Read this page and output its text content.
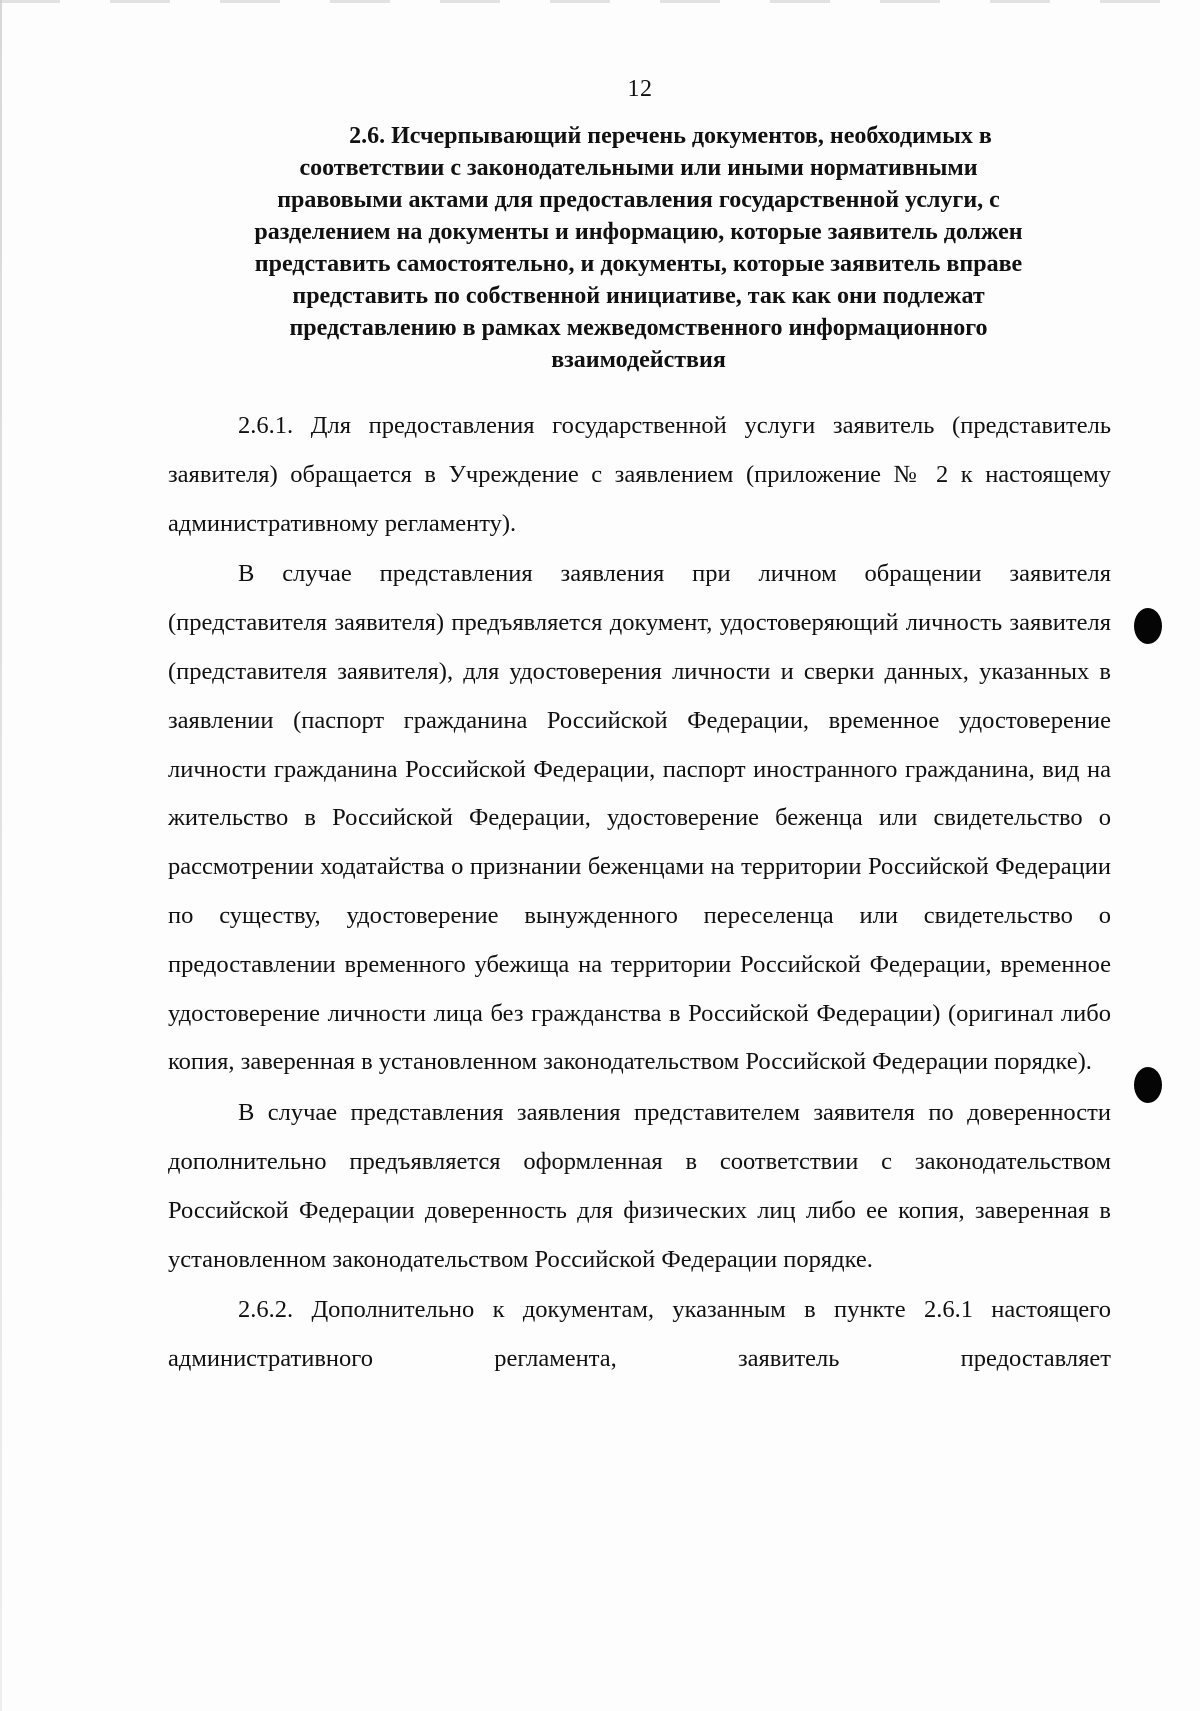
12
2.6. Исчерпывающий перечень документов, необходимых в
соответствии с законодательными или иными нормативными
правовыми актами для предоставления государственной услуги, с
разделением на документы и информацию, которые заявитель должен
представить самостоятельно, и документы, которые заявитель вправе
представить по собственной инициативе, так как они подлежат
представлению в рамках межведомственного информационного
взаимодействия

2.6.1. Для предоставления государственной услуги заявитель (представитель заявителя) обращается в Учреждение с заявлением (приложение № 2 к настоящему административному регламенту).

В случае представления заявления при личном обращении заявителя (представителя заявителя) предъявляется документ, удостоверяющий личность заявителя (представителя заявителя), для удостоверения личности и сверки данных, указанных в заявлении (паспорт гражданина Российской Федерации, временное удостоверение личности гражданина Российской Федерации, паспорт иностранного гражданина, вид на жительство в Российской Федерации, удостоверение беженца или свидетельство о рассмотрении ходатайства о признании беженцами на территории Российской Федерации по существу, удостоверение вынужденного переселенца или свидетельство о предоставлении временного убежища на территории Российской Федерации, временное удостоверение личности лица без гражданства в Российской Федерации) (оригинал либо копия, заверенная в установленном законодательством Российской Федерации порядке).

В случае представления заявления представителем заявителя по доверенности дополнительно предъявляется оформленная в соответствии с законодательством Российской Федерации доверенность для физических лиц либо ее копия, заверенная в установленном законодательством Российской Федерации порядке.

2.6.2. Дополнительно к документам, указанным в пункте 2.6.1 настоящего административного регламента, заявитель предоставляет
